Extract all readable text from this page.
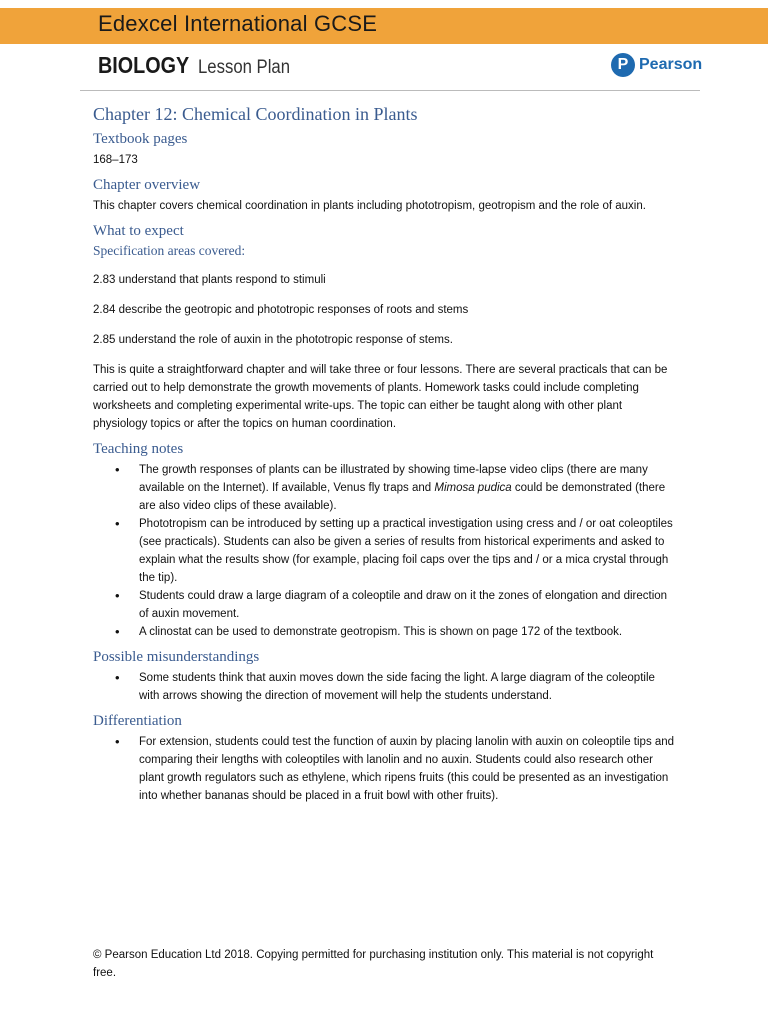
Edexcel International GCSE
BIOLOGY Lesson Plan	P Pearson
Chapter 12: Chemical Coordination in Plants
Textbook pages

168–173

Chapter overview

This chapter covers chemical coordination in plants including phototropism, geotropism and the role of auxin.

What to expect
Specification areas covered:

2.83 understand that plants respond to stimuli

2.84 describe the geotropic and phototropic responses of roots and stems

2.85 understand the role of auxin in the phototropic response of stems.

This is quite a straightforward chapter and will take three or four lessons. There are several practicals that can be carried out to help demonstrate the growth movements of plants. Homework tasks could include completing worksheets and completing experimental write-ups. The topic can either be taught along with other plant physiology topics or after the topics on human coordination.

Teaching notes
• The growth responses of plants can be illustrated by showing time-lapse video clips (there are many available on the Internet). If available, Venus fly traps and Mimosa pudica could be demonstrated (there are also video clips of these available).
• Phototropism can be introduced by setting up a practical investigation using cress and / or oat coleoptiles (see practicals). Students can also be given a series of results from historical experiments and asked to explain what the results show (for example, placing foil caps over the tips and / or a mica crystal through the tip).
• Students could draw a large diagram of a coleoptile and draw on it the zones of elongation and direction of auxin movement.
• A clinostat can be used to demonstrate geotropism. This is shown on page 172 of the textbook.
Possible misunderstandings
• Some students think that auxin moves down the side facing the light. A large diagram of the coleoptile with arrows showing the direction of movement will help the students understand.
Differentiation
• For extension, students could test the function of auxin by placing lanolin with auxin on coleoptile tips and comparing their lengths with coleoptiles with lanolin and no auxin. Students could also research other plant growth regulators such as ethylene, which ripens fruits (this could be presented as an investigation into whether bananas should be placed in a fruit bowl with other fruits).
© Pearson Education Ltd 2018. Copying permitted for purchasing institution only. This material is not copyright free.
